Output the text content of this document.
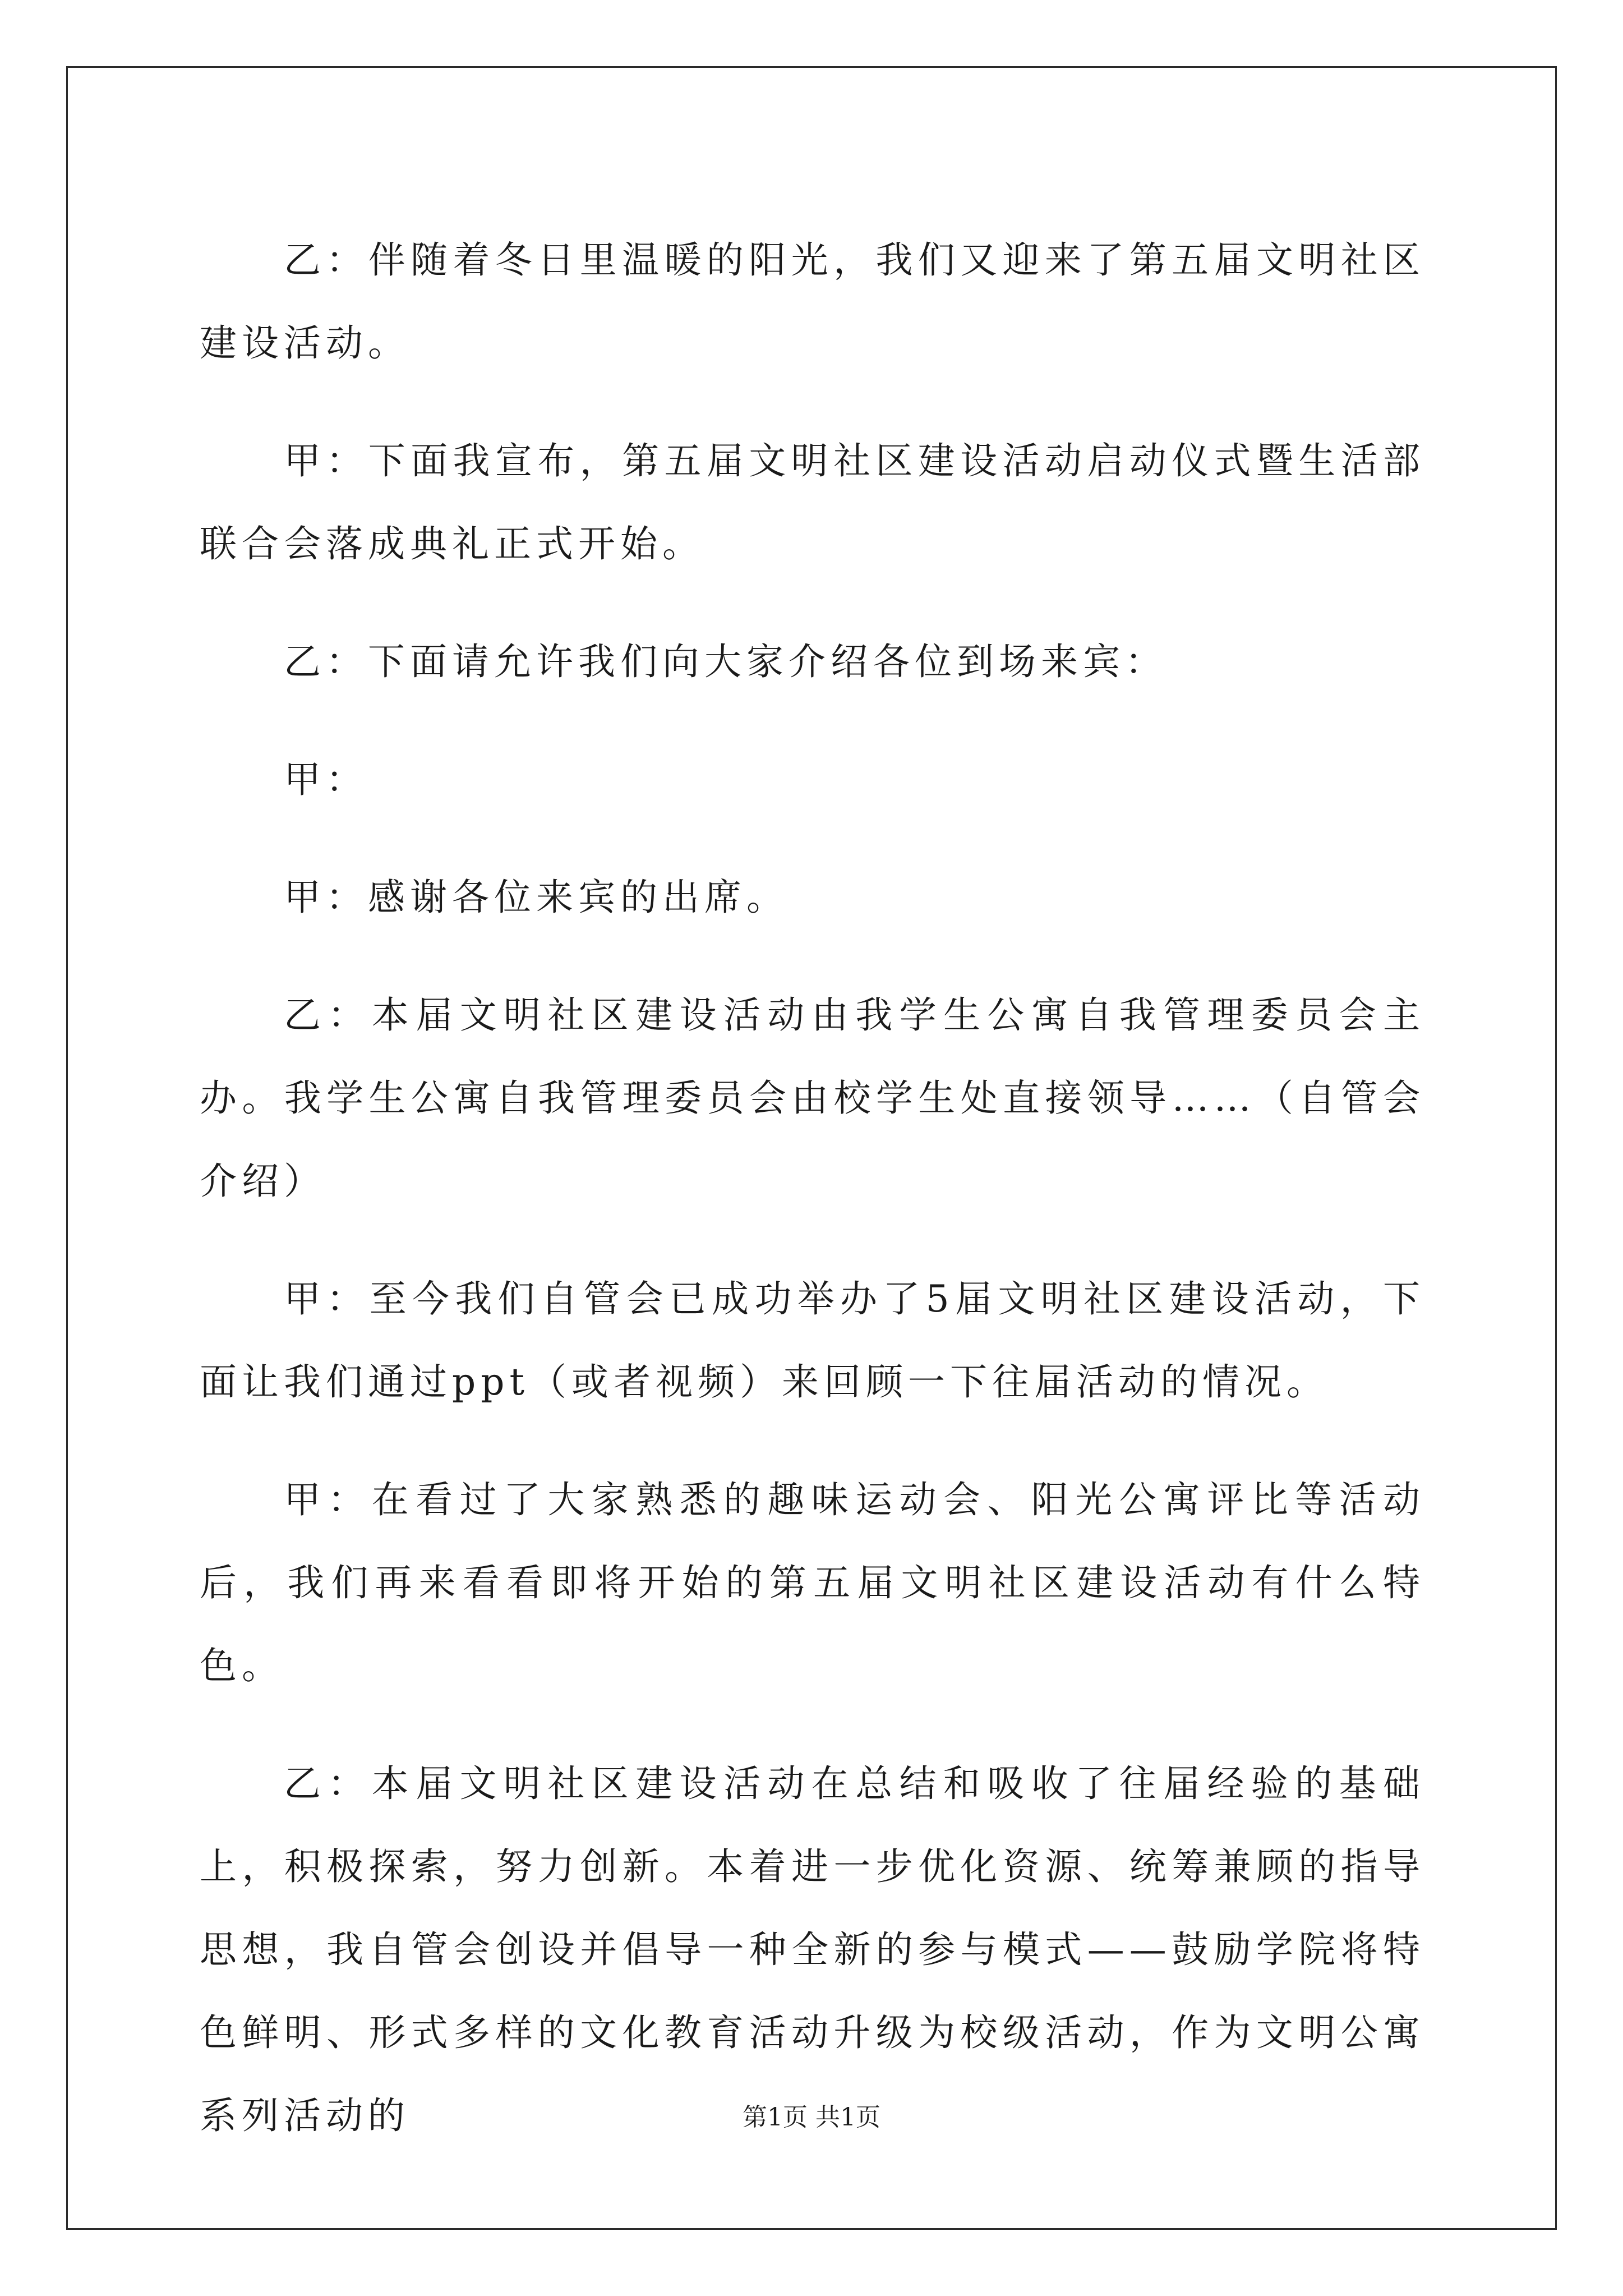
乙：伴随着冬日里温暖的阳光，我们又迎来了第五届文明社区建设活动。

甲：下面我宣布，第五届文明社区建设活动启动仪式暨生活部联合会落成典礼正式开始。

乙：下面请允许我们向大家介绍各位到场来宾：

甲：

甲：感谢各位来宾的出席。

乙：本届文明社区建设活动由我学生公寓自我管理委员会主办。我学生公寓自我管理委员会由校学生处直接领导……（自管会介绍）

甲：至今我们自管会已成功举办了5届文明社区建设活动，下面让我们通过ppt（或者视频）来回顾一下往届活动的情况。

甲：在看过了大家熟悉的趣味运动会、阳光公寓评比等活动后，我们再来看看即将开始的第五届文明社区建设活动有什么特色。

乙：本届文明社区建设活动在总结和吸收了往届经验的基础上，积极探索，努力创新。本着进一步优化资源、统筹兼顾的指导思想，我自管会创设并倡导一种全新的参与模式——鼓励学院将特色鲜明、形式多样的文化教育活动升级为校级活动，作为文明公寓系列活动的	第1页 共1页
